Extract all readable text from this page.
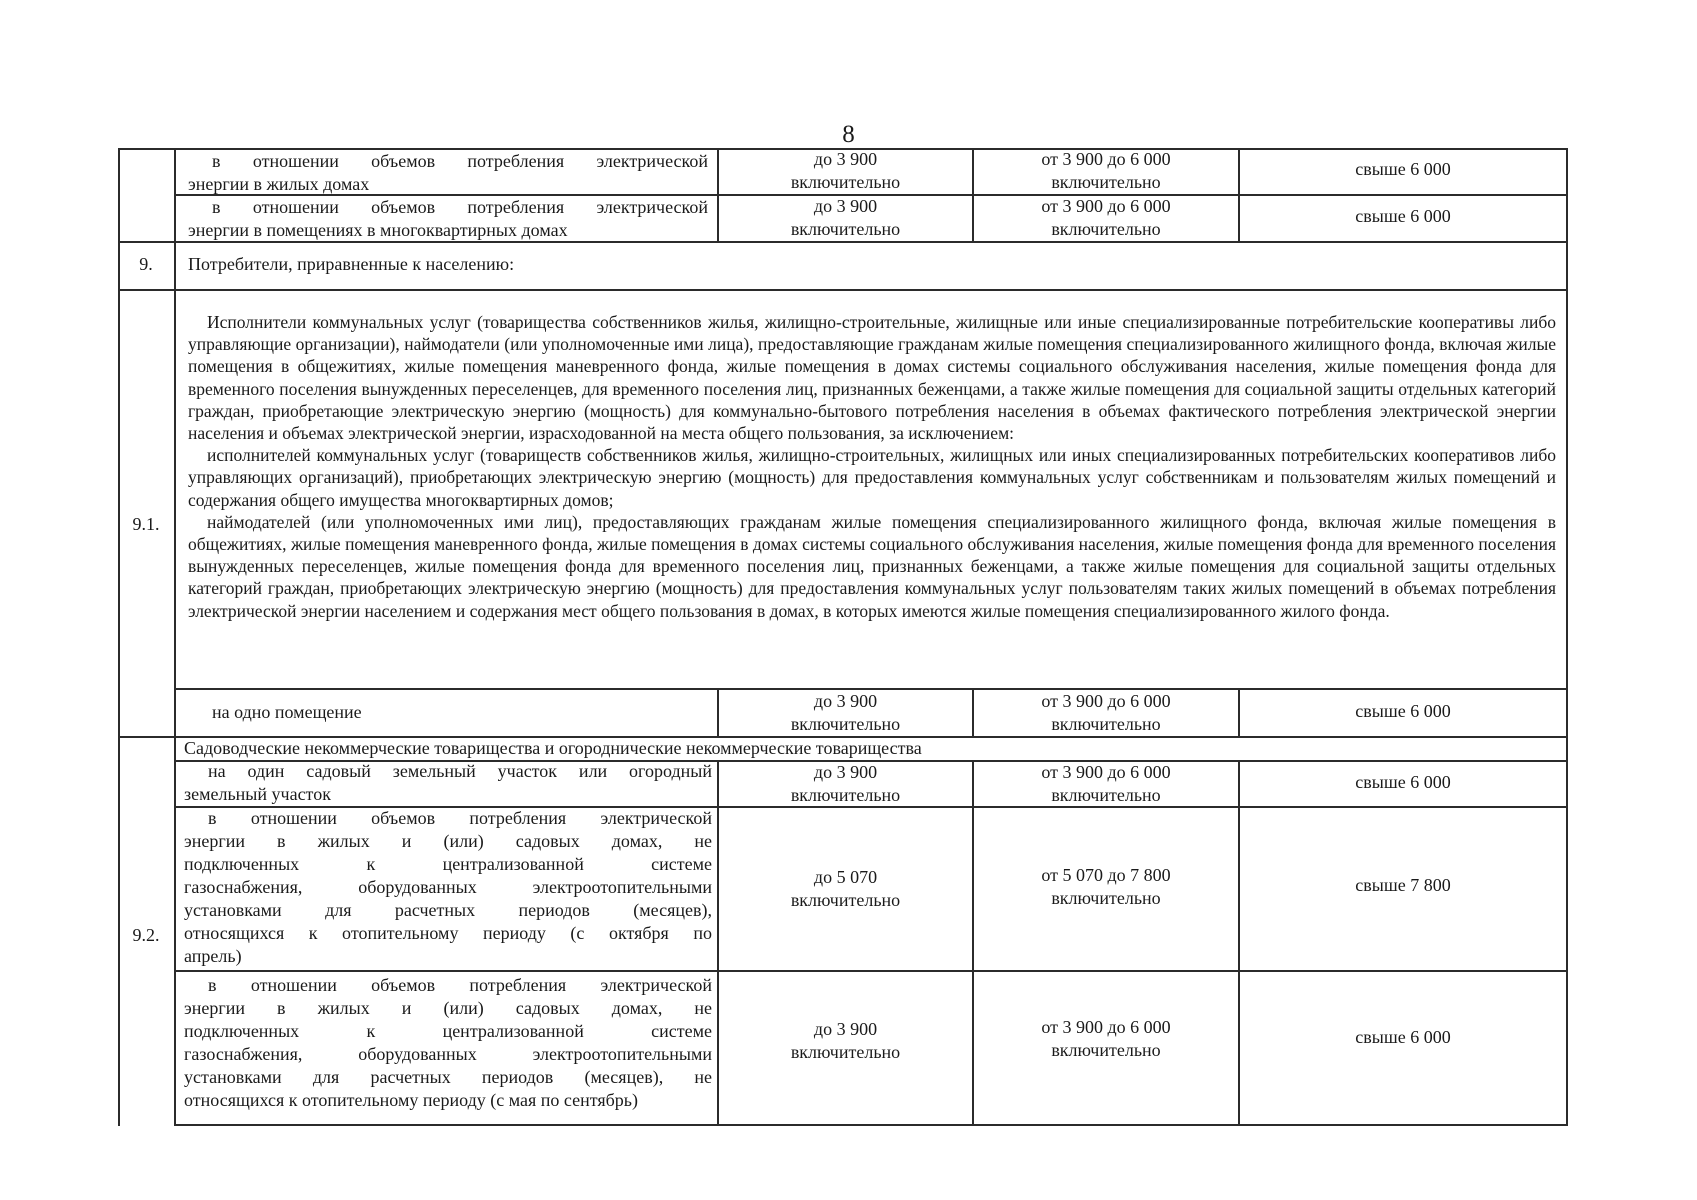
8
в отношении объемов потребления электрической
энергии в жилых домах
до 3 900
включительно
от 3 900 до 6 000
включительно
свыше 6 000
в отношении объемов потребления электрической
энергии в помещениях в многоквартирных домах
до 3 900
включительно
от 3 900 до 6 000
включительно
свыше 6 000
9.	Потребители, приравненные к населению:
9.1.

Исполнители коммунальных услуг (товарищества собственников жилья, жилищно-строительные, жилищные или иные специализированные потребительские кооперативы либо управляющие организации), наймодатели (или уполномоченные ими лица), предоставляющие гражданам жилые помещения специализированного жилищного фонда, включая жилые помещения в общежитиях, жилые помещения маневренного фонда, жилые помещения в домах системы социального обслуживания населения, жилые помещения фонда для временного поселения вынужденных переселенцев, для временного поселения лиц, признанных беженцами, а также жилые помещения для социальной защиты отдельных категорий граждан, приобретающие электрическую энергию (мощность) для коммунально-бытового потребления населения в объемах фактического потребления электрической энергии населения и объемах электрической энергии, израсходованной на места общего пользования, за исключением:

исполнителей коммунальных услуг (товариществ собственников жилья, жилищно-строительных, жилищных или иных специализированных потребительских кооперативов либо управляющих организаций), приобретающих электрическую энергию (мощность) для предоставления коммунальных услуг собственникам и пользователям жилых помещений и содержания общего имущества многоквартирных домов;

наймодателей (или уполномоченных ими лиц), предоставляющих гражданам жилые помещения специализированного жилищного фонда, включая жилые помещения в общежитиях, жилые помещения маневренного фонда, жилые помещения в домах системы социального обслуживания населения, жилые помещения фонда для временного поселения вынужденных переселенцев, жилые помещения фонда для временного поселения лиц, признанных беженцами, а также жилые помещения для социальной защиты отдельных категорий граждан, приобретающих электрическую энергию (мощность) для предоставления коммунальных услуг пользователям таких жилых помещений в объемах потребления электрической энергии населением и содержания мест общего пользования в домах, в которых имеются жилые помещения специализированного жилого фонда.

на одно помещение
до 3 900
включительно
от 3 900 до 6 000
включительно
свыше 6 000
9.2.
Садоводческие некоммерческие товарищества и огороднические некоммерческие товарищества
на один садовый земельный участок или огородный
земельный участок
до 3 900
включительно
от 3 900 до 6 000
включительно
свыше 6 000
в отношении объемов потребления электрической
энергии в жилых и (или) садовых домах, не
подключенных к централизованной системе
газоснабжения, оборудованных электроотопительными
установками для расчетных периодов (месяцев),
относящихся к отопительному периоду (с октября по
апрель)
до 5 070
включительно
от 5 070 до 7 800
включительно
свыше 7 800
в отношении объемов потребления электрической
энергии в жилых и (или) садовых домах, не
подключенных к централизованной системе
газоснабжения, оборудованных электроотопительными
установками для расчетных периодов (месяцев), не
относящихся к отопительному периоду (с мая по сентябрь)
до 3 900
включительно
от 3 900 до 6 000
включительно
свыше 6 000
